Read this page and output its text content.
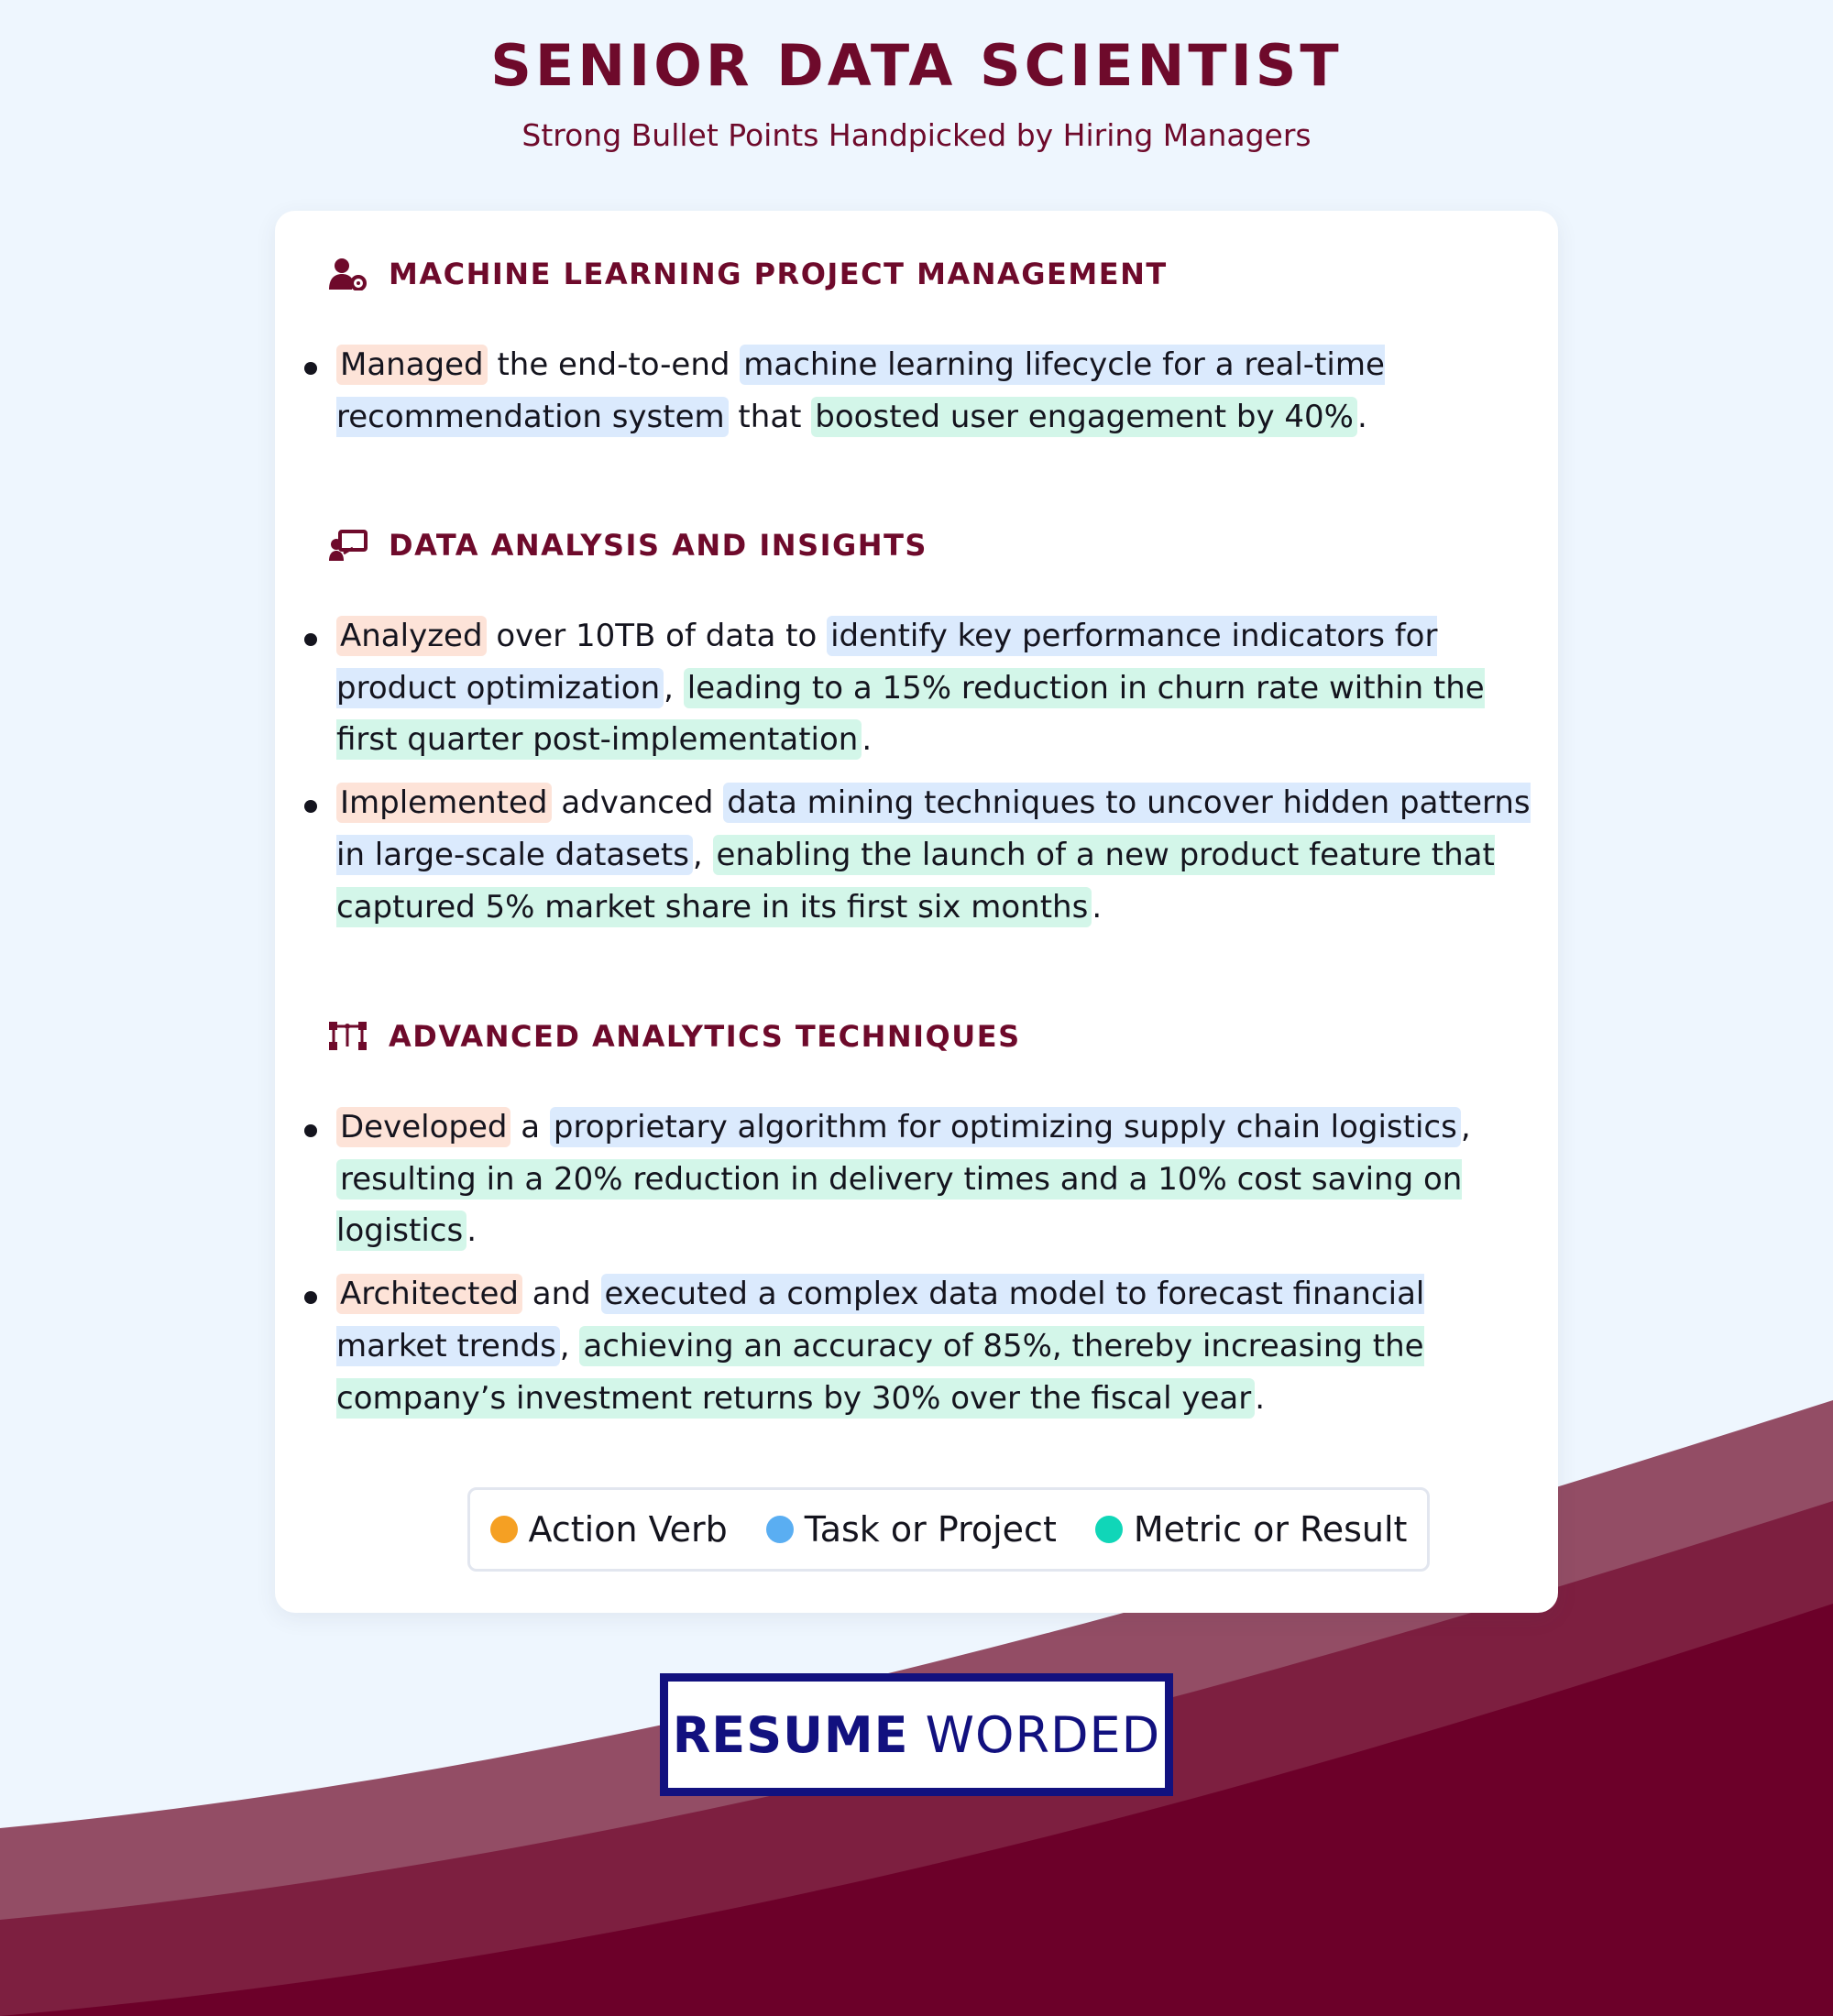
SENIOR DATA SCIENTIST
Strong Bullet Points Handpicked by Hiring Managers
MACHINE LEARNING PROJECT MANAGEMENT
Managed the end-to-end machine learning lifecycle for a real-time recommendation system that boosted user engagement by 40% .
DATA ANALYSIS AND INSIGHTS
Analyzed over 10TB of data to identify key performance indicators for product optimization , leading to a 15% reduction in churn rate within the first quarter post-implementation .
Implemented advanced data mining techniques to uncover hidden patterns in large-scale datasets , enabling the launch of a new product feature that captured 5% market share in its first six months .
ADVANCED ANALYTICS TECHNIQUES
Developed a proprietary algorithm for optimizing supply chain logistics , resulting in a 20% reduction in delivery times and a 10% cost saving on logistics .
Architected and executed a complex data model to forecast financial market trends , achieving an accuracy of 85%, thereby increasing the company’s investment returns by 30% over the fiscal year .
Action Verb Task or Project Metric or Result
RESUME WORDED
